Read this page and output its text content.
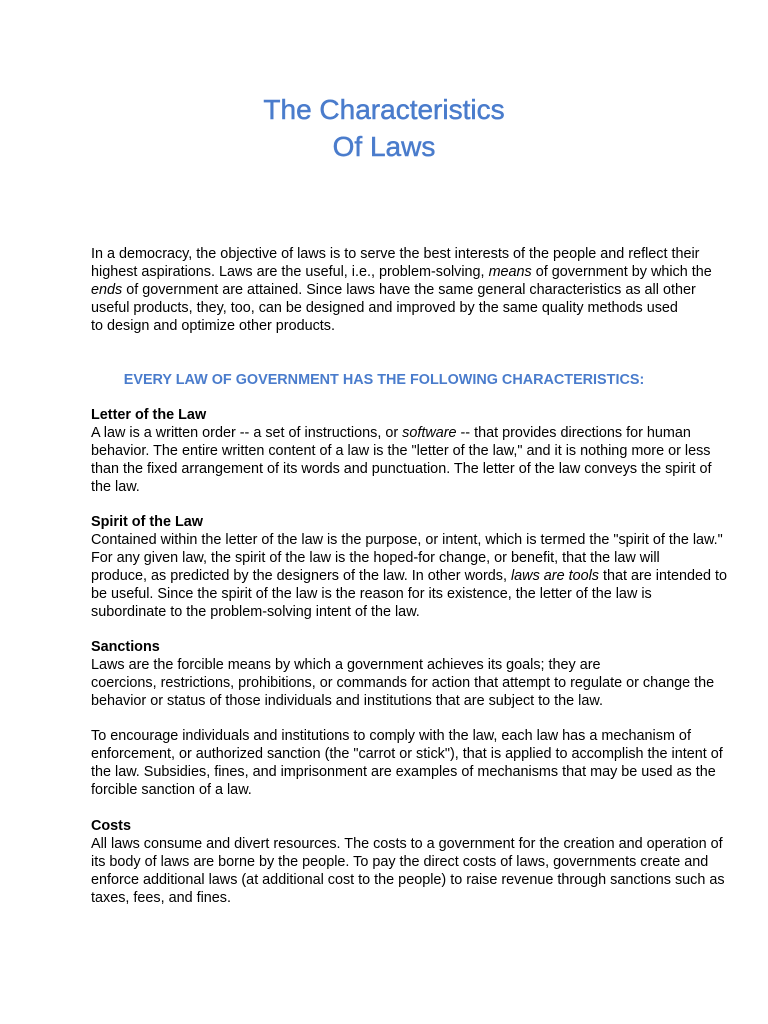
The Characteristics
Of Laws
In a democracy, the objective of laws is to serve the best interests of the people and reflect their
highest aspirations. Laws are the useful, i.e., problem-solving, means of government by which the
ends of government are attained. Since laws have the same general characteristics as all other
useful products, they, too, can be designed and improved by the same quality methods used
to design and optimize other products.
EVERY LAW OF GOVERNMENT HAS THE FOLLOWING CHARACTERISTICS:
Letter of the Law
A law is a written order -- a set of instructions, or software -- that provides directions for human
behavior. The entire written content of a law is the "letter of the law," and it is nothing more or less
than the fixed arrangement of its words and punctuation. The letter of the law conveys the spirit of
the law.
Spirit of the Law
Contained within the letter of the law is the purpose, or intent, which is termed the "spirit of the law."
For any given law, the spirit of the law is the hoped-for change, or benefit, that the law will
produce, as predicted by the designers of the law. In other words, laws are tools that are intended to
be useful. Since the spirit of the law is the reason for its existence, the letter of the law is
subordinate to the problem-solving intent of the law.
Sanctions
Laws are the forcible means by which a government achieves its goals; they are
coercions, restrictions, prohibitions, or commands for action that attempt to regulate or change the
behavior or status of those individuals and institutions that are subject to the law.
To encourage individuals and institutions to comply with the law, each law has a mechanism of
enforcement, or authorized sanction (the "carrot or stick"), that is applied to accomplish the intent of
the law. Subsidies, fines, and imprisonment are examples of mechanisms that may be used as the
forcible sanction of a law.
Costs
All laws consume and divert resources. The costs to a government for the creation and operation of
its body of laws are borne by the people. To pay the direct costs of laws, governments create and
enforce additional laws (at additional cost to the people) to raise revenue through sanctions such as
taxes, fees, and fines.
